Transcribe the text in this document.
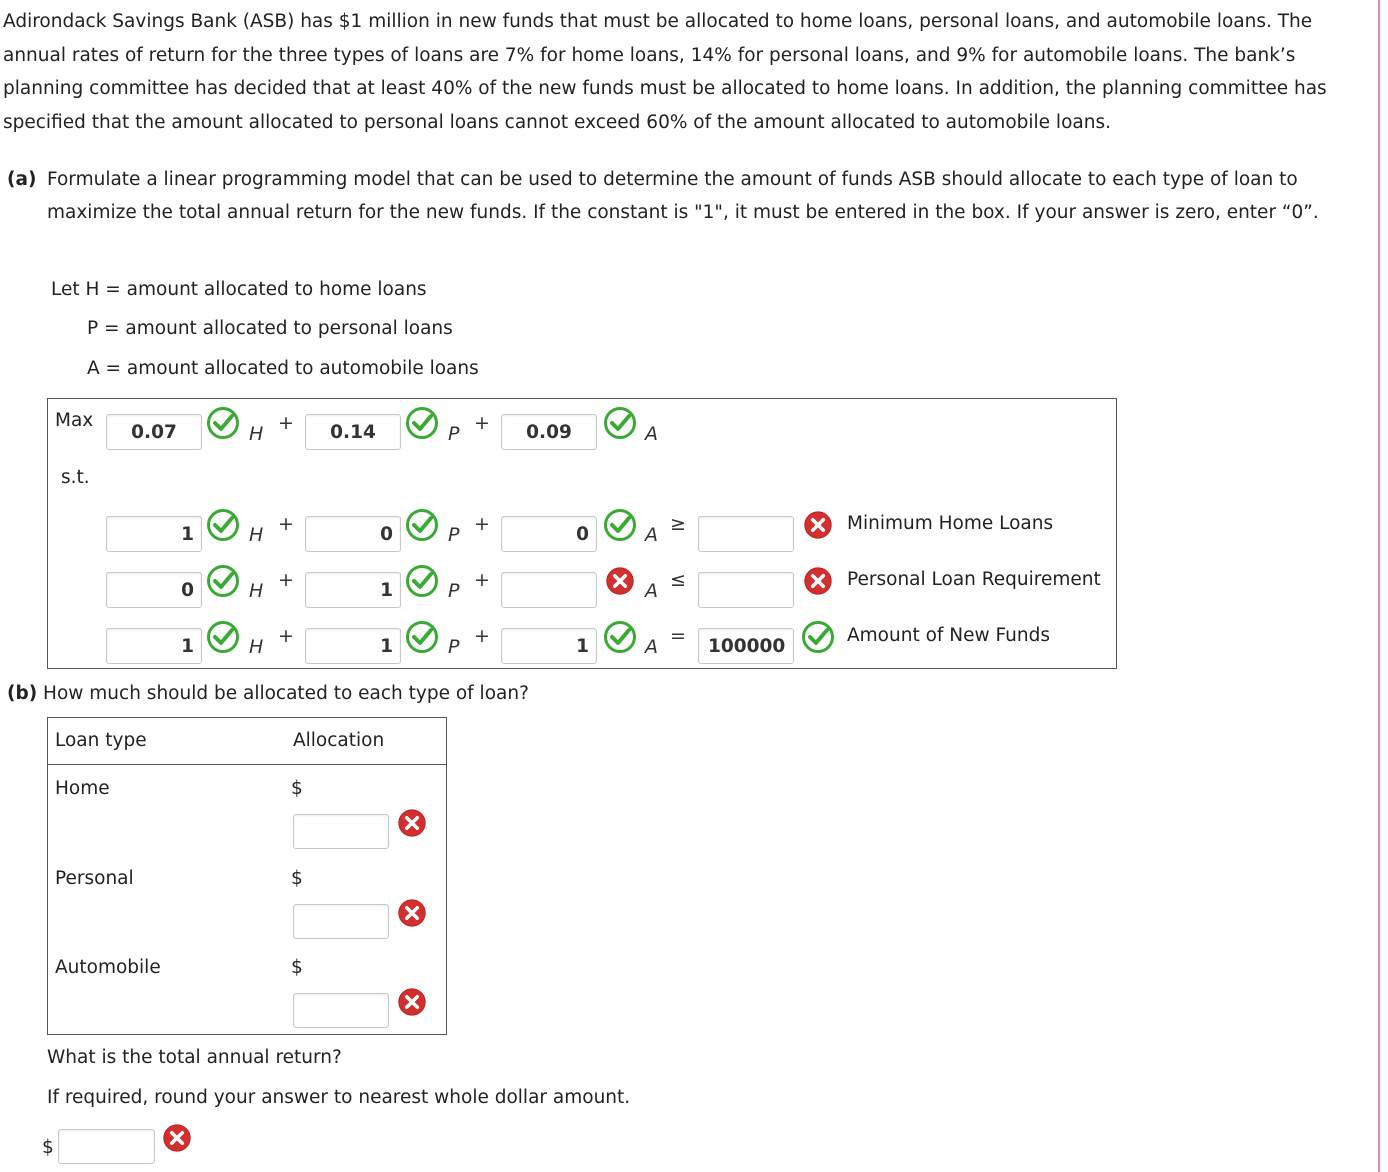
Adirondack Savings Bank (ASB) has $1 million in new funds that must be allocated to home loans, personal loans, and automobile loans. The annual rates of return for the three types of loans are 7% for home loans, 14% for personal loans, and 9% for automobile loans. The bank’s planning committee has decided that at least 40% of the new funds must be allocated to home loans. In addition, the planning committee has specified that the amount allocated to personal loans cannot exceed 60% of the amount allocated to automobile loans.

(a) Formulate a linear programming model that can be used to determine the amount of funds ASB should allocate to each type of loan to maximize the total annual return for the new funds. If the constant is "1", it must be entered in the box. If your answer is zero, enter “0”.
Let H = amount allocated to home loans
P = amount allocated to personal loans
A = amount allocated to automobile loans
Max
s.t.
0.07	H +	0.14	P +	0.09	A
1	H +	0	P +	0	A ≥	Minimum Home Loans
0	H +	1	P +	A ≤	Personal Loan Requirement
1	H +	1	P +	1	A =	100000	Amount of New Funds
(b) How much should be allocated to each type of loan?
Loan type	Allocation
Home	$
Personal	$
Automobile	$
What is the total annual return?
If required, round your answer to nearest whole dollar amount.
$
